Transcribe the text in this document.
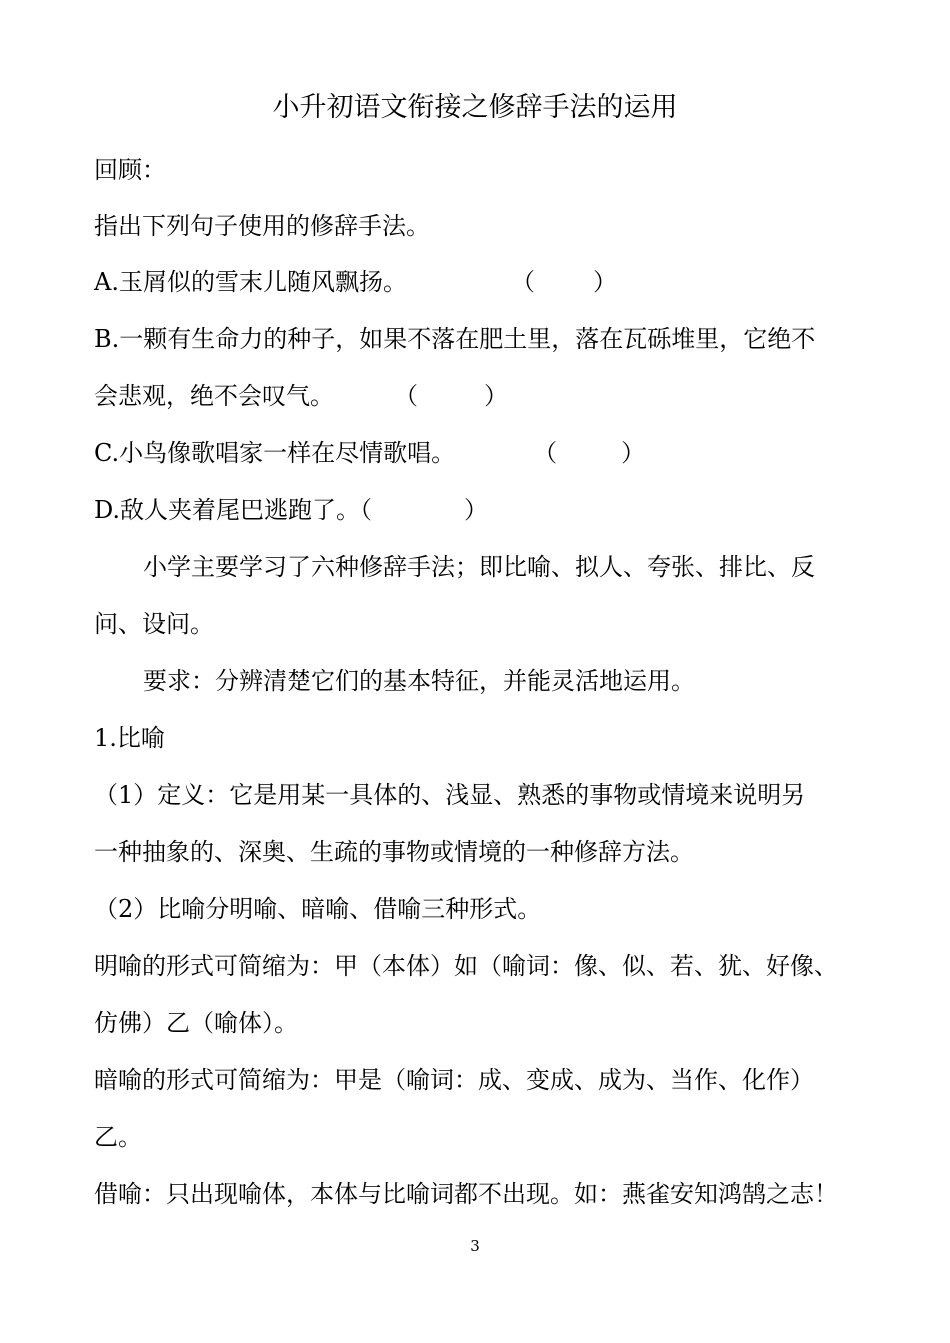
小升初语文衔接之修辞手法的运用
回顾：
指出下列句子使用的修辞手法。
A.玉屑似的雪末儿随风飘扬。	（ ）
B.一颗有生命力的种子，如果不落在肥土里，落在瓦砾堆里，它绝不
会悲观，绝不会叹气。	（	）
C.小鸟像歌唱家一样在尽情歌唱。	（	）
D.敌人夹着尾巴逃跑了。（	）
小学主要学习了六种修辞手法；即比喻、拟人、夸张、排比、反
问、设问。
要求：分辨清楚它们的基本特征，并能灵活地运用。
1.比喻
（1）定义：它是用某一具体的、浅显、熟悉的事物或情境来说明另
一种抽象的、深奥、生疏的事物或情境的一种修辞方法。
（2）比喻分明喻、暗喻、借喻三种形式。
明喻的形式可简缩为：甲（本体）如（喻词：像、似、若、犹、好像、
仿佛）乙（喻体）。
暗喻的形式可简缩为：甲是（喻词：成、变成、成为、当作、化作）
乙。
借喻：只出现喻体，本体与比喻词都不出现。如：燕雀安知鸿鹄之志！
3
